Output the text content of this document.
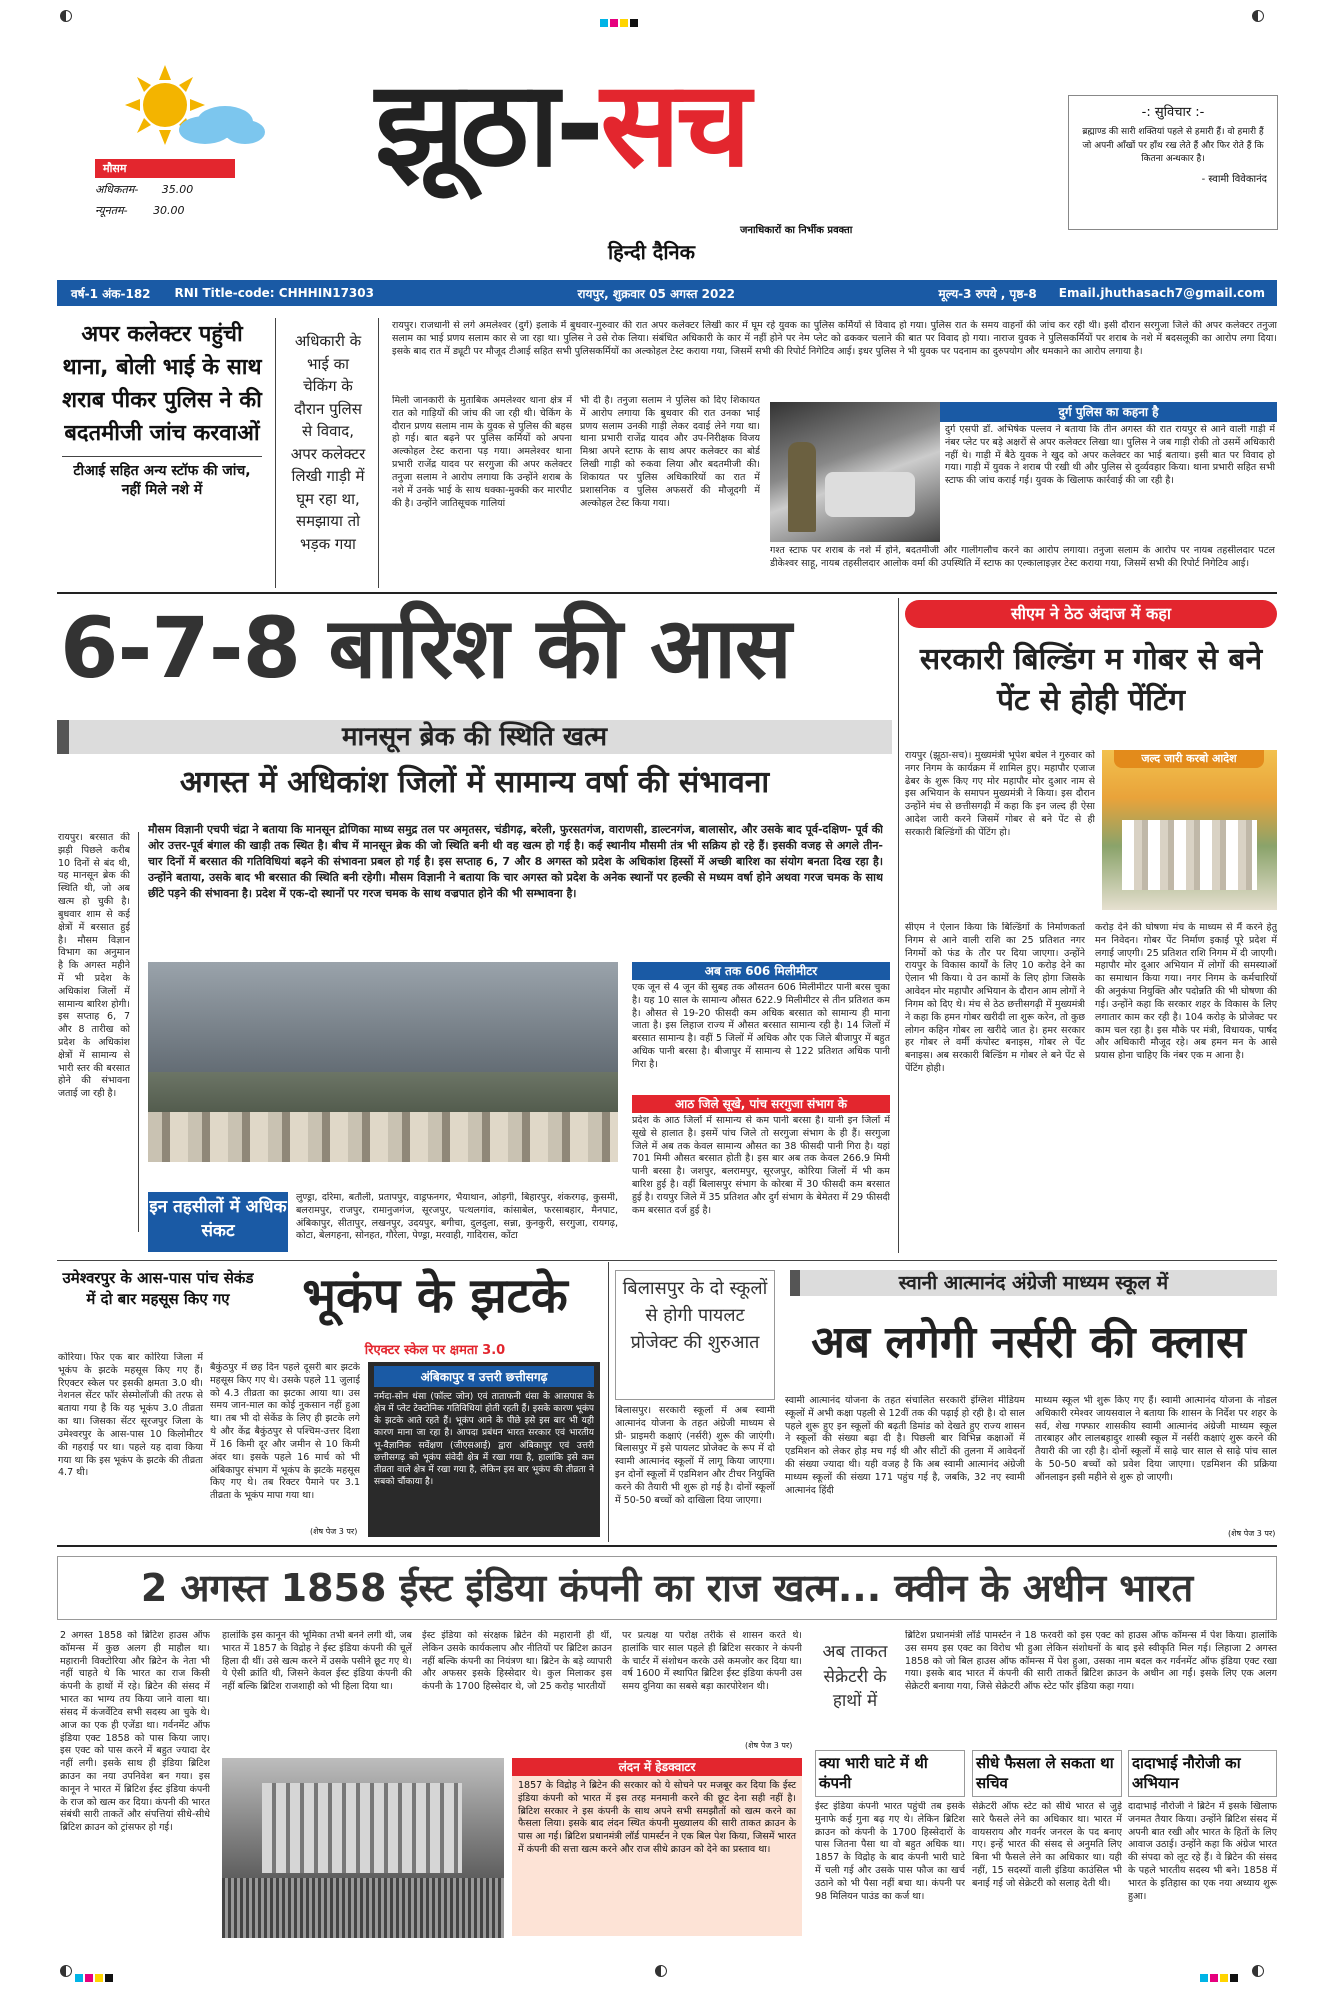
मौसम
अधिकतम- 35.00
न्यूनतम- 30.00
झूठा-सच
हिन्दी दैनिक
जनाधिकारों का निर्भीक प्रवक्ता
-: सुविचार :-
ब्रह्माण्ड की सारी शक्तियां पहले से हमारी हैं। वो हमारी हैं जो अपनी आँखों पर हाँथ रख लेते हैं और फिर रोते हैं कि कितना अन्धकार है।
- स्वामी विवेकानंद
वर्ष-1 अंक-182	RNI Title-code: CHHHIN17303	रायपुर, शुक्रवार 05 अगस्त 2022	मूल्य-3 रुपये , पृष्ठ-8	Email.jhuthasach7@gmail.com
अपर कलेक्टर पहुंची थाना, बोली भाई के साथ शराब पीकर पुलिस ने की बदतमीजी जांच करवाओं
टीआई सहित अन्य स्टॉफ की जांच, नहीं मिले नशे में
अधिकारी के भाई का चेकिंग के दौरान पुलिस से विवाद, अपर कलेक्टर लिखी गाड़ी में घूम रहा था, समझाया तो भड़क गया
रायपुर। राजधानी से लगे अमलेश्वर (दुर्ग) इलाके में बुधवार-गुरुवार की रात अपर कलेक्टर लिखी कार में घूम रहे युवक का पुलिस कर्मियों से विवाद हो गया। पुलिस रात के समय वाहनों की जांच कर रही थी। इसी दौरान सरगुजा जिले की अपर कलेक्टर तनुजा सलाम का भाई प्रणय सलाम कार से जा रहा था। पुलिस ने उसे रोक लिया। संबंधित अधिकारी के कार में नहीं होने पर नेम प्लेट को ढककर चलाने की बात पर विवाद हो गया। नाराज युवक ने पुलिसकर्मियों पर शराब के नशे में बदसलूकी का आरोप लगा दिया। इसके बाद रात में ड्यूटी पर मौजूद टीआई सहित सभी पुलिसकर्मियों का अल्कोहल टेस्ट कराया गया, जिसमें सभी की रिपोर्ट निगेटिव आई। इधर पुलिस ने भी युवक पर पदनाम का दुरुपयोग और धमकाने का आरोप लगाया है।
मिली जानकारी के मुताबिक अमलेश्वर थाना क्षेत्र में रात को गाड़ियों की जांच की जा रही थी। चेकिंग के दौरान प्रणय सलाम नाम के युवक से पुलिस की बहस हो गई। बात बढ़ने पर पुलिस कर्मियों को अपना अल्कोहल टेस्ट कराना पड़ गया। अमलेश्वर थाना प्रभारी राजेंद्र यादव पर सरगुजा की अपर कलेक्टर तनुजा सलाम ने आरोप लगाया कि उन्होंने शराब के नशे में उनके भाई के साथ धक्का-मुक्की कर मारपीट की है। उन्होंने जातिसूचक गालियां
भी दी है। तनुजा सलाम ने पुलिस को दिए शिकायत में आरोप लगाया कि बुधवार की रात उनका भाई प्रणय सलाम उनकी गाड़ी लेकर दवाई लेने गया था। थाना प्रभारी राजेंद्र यादव और उप-निरीक्षक विजय मिश्रा अपने स्टाफ के साथ अपर कलेक्टर का बोर्ड लिखी गाड़ी को रुकवा लिया और बदतमीजी की। शिकायत पर पुलिस अधिकारियों का रात में प्रशासनिक व पुलिस अफसरों की मौजूदगी में अल्कोहल टेस्ट किया गया।
दुर्ग पुलिस का कहना है
दुर्ग एसपी डॉ. अभिषेक पल्लव ने बताया कि तीन अगस्त की रात रायपुर से आने वाली गाड़ी में नंबर प्लेट पर बड़े अक्षरों से अपर कलेक्टर लिखा था। पुलिस ने जब गाड़ी रोकी तो उसमें अधिकारी नहीं थे। गाड़ी में बैठे युवक ने खुद को अपर कलेक्टर का भाई बताया। इसी बात पर विवाद हो गया। गाड़ी में युवक ने शराब पी रखी थी और पुलिस से दुर्व्यवहार किया। थाना प्रभारी सहित सभी स्टाफ की जांच कराई गई। युवक के खिलाफ कार्रवाई की जा रही है।
गश्त स्टाफ पर शराब के नशे में होने, बदतमीजी और गालीगलौच करने का आरोप लगाया। तनुजा सलाम के आरोप पर नायब तहसीलदार पटल डीकेश्वर साहू, नायब तहसीलदार आलोक वर्मा की उपस्थिति में स्टाफ का एल्कालाइज़र टेस्ट कराया गया, जिसमें सभी की रिपोर्ट निगेटिव आई।
6-7-8 बारिश की आस
मानसून ब्रेक की स्थिति खत्म
अगस्त में अधिकांश जिलों में सामान्य वर्षा की संभावना
रायपुर। बरसात की झड़ी पिछले करीब 10 दिनों से बंद थी, यह मानसून ब्रेक की स्थिति थी, जो अब खत्म हो चुकी है। बुधवार शाम से कई क्षेत्रों में बरसात हुई है। मौसम विज्ञान विभाग का अनुमान है कि अगस्त महीने में भी प्रदेश के अधिकांश जिलों में सामान्य बारिश होगी। इस सप्ताह 6, 7 और 8 तारीख को प्रदेश के अधिकांश क्षेत्रों में सामान्य से भारी स्तर की बरसात होने की संभावना जताई जा रही है।
मौसम विज्ञानी एचपी चंद्रा ने बताया कि मानसून द्रोणिका माध्य समुद्र तल पर अमृतसर, चंडीगढ़, बरेली, फुरसतगंज, वाराणसी, डाल्टनगंज, बालासोर, और उसके बाद पूर्व-दक्षिण- पूर्व की ओर उत्तर-पूर्व बंगाल की खाड़ी तक स्थित है। बीच में मानसून ब्रेक की जो स्थिति बनी थी वह खत्म हो गई है। कई स्थानीय मौसमी तंत्र भी सक्रिय हो रहे हैं। इसकी वजह से अगले तीन-चार दिनों में बरसात की गतिविधियां बढ़ने की संभावना प्रबल हो गई है। इस सप्ताह 6, 7 और 8 अगस्त को प्रदेश के अधिकांश हिस्सों में अच्छी बारिश का संयोग बनता दिख रहा है। उन्होंने बताया, उसके बाद भी बरसात की स्थिति बनी रहेगी। मौसम विज्ञानी ने बताया कि चार अगस्त को प्रदेश के अनेक स्थानों पर हल्की से मध्यम वर्षा होने अथवा गरज चमक के साथ छींटे पड़ने की संभावना है। प्रदेश में एक-दो स्थानों पर गरज चमक के साथ वज्रपात होने की भी सम्भावना है।
इन तहसीलों में अधिक संकट
लुण्ड्रा, दरिमा, बतौली, प्रतापपुर, वाड्रफनगर, भैयाथान, ओड़गी, बिहारपुर, शंकरगढ़, कुसमी, बलरामपुर, राजपुर, रामानुजगंज, सूरजपुर, पत्थलगांव, कांसाबेल, फरसाबहार, मैनपाट, अंबिकापुर, सीतापुर, लखनपुर, उदयपुर, बगीचा, दुलदुला, सन्ना, कुनकुरी, सरगुजा, रायगढ़, कोटा, बेलगहना, सोनहत, गौरेला, पेण्ड्रा, मरवाही, गादिरास, कोंटा
अब तक 606 मिलीमीटर
एक जून से 4 जून की सुबह तक औसतन 606 मिलीमीटर पानी बरस चुका है। यह 10 साल के सामान्य औसत 622.9 मिलीमीटर से तीन प्रतिशत कम है। औसत से 19-20 फीसदी कम अधिक बरसात को सामान्य ही माना जाता है। इस लिहाज राज्य में औसत बरसात सामान्य रही है। 14 जिलों में बरसात सामान्य है। वहीं 5 जिलों में अधिक और एक जिले बीजापुर में बहुत अधिक पानी बरसा है। बीजापुर में सामान्य से 122 प्रतिशत अधिक पानी गिरा है।
आठ जिले सूखे, पांच सरगुजा संभाग के
प्रदेश के आठ जिलों में सामान्य से कम पानी बरसा है। यानी इन जिलों में सूखे से हालात है। इसमें पांच जिले तो सरगुजा संभाग के ही हैं। सरगुजा जिले में अब तक केवल सामान्य औसत का 38 फीसदी पानी गिरा है। यहां 701 मिमी औसत बरसात होती है। इस बार अब तक केवल 266.9 मिमी पानी बरसा है। जशपुर, बलरामपुर, सूरजपुर, कोरिया जिलों में भी कम बारिश हुई है। वहीं बिलासपुर संभाग के कोरबा में 30 फीसदी कम बरसात हुई है। रायपुर जिले में 35 प्रतिशत और दुर्ग संभाग के बेमेतरा में 29 फीसदी कम बरसात दर्ज हुई है।
सीएम ने ठेठ अंदाज में कहा
सरकारी बिल्डिंग म गोबर से बने पेंट से होही पेंटिंग
रायपुर (झूठा-सच)। मुख्यमंत्री भूपेश बघेल ने गुरुवार को नगर निगम के कार्यक्रम में शामिल हुए। महापौर एजाज ढेबर के शुरू किए गए मोर महापौर मोर दुआर नाम से इस अभियान के समापन मुख्यमंत्री ने किया। इस दौरान उन्होंने मंच से छत्तीसगढ़ी में कहा कि इन जल्द ही ऐसा आदेश जारी करने जिसमें गोबर से बने पेंट से ही सरकारी बिल्डिंगों की पेंटिंग हो।
जल्द जारी करबो आदेश
सीएम ने ऐलान किया कि बिल्डिंगों के निर्माणकर्ता निगम से आने वाली राशि का 25 प्रतिशत नगर निगमों को फंड के तौर पर दिया जाएगा। उन्होंने रायपुर के विकास कार्यों के लिए 10 करोड़ देने का ऐलान भी किया। ये उन कामों के लिए होगा जिसके आवेदन मोर महापौर अभियान के दौरान आम लोगों ने निगम को दिए थे। मंच से ठेठ छत्तीसगढ़ी में मुख्यमंत्री ने कहा कि हमन गोबर खरीदी ला शुरू करेन, तो कुछ लोगन कहिन गोबर ला खरीदे जात हे। हमर सरकार हर गोबर ले वर्मी कंपोस्ट बनाइस, गोबर ले पेंट बनाइस। अब सरकारी बिल्डिंग म गोबर ले बने पेंट से पेंटिंग होही।
करोड़ देने की घोषणा मंच के माध्यम से मैं करने हेतु मन निवेदन। गोबर पेंट निर्माण इकाई पूरे प्रदेश में लगाई जाएगी। 25 प्रतिशत राशि निगम में दी जाएगी। महापौर मोर दुआर अभियान में लोगों की समस्याओं का समाधान किया गया। नगर निगम के कर्मचारियों की अनुकंपा नियुक्ति और पदोन्नति की भी घोषणा की गई। उन्होंने कहा कि सरकार शहर के विकास के लिए लगातार काम कर रही है। 104 करोड़ के प्रोजेक्ट पर काम चल रहा है। इस मौके पर मंत्री, विधायक, पार्षद और अधिकारी मौजूद रहे। अब हमन मन के आसे प्रयास होना चाहिए कि नंबर एक म आना है।
उमेश्वरपुर के आस-पास पांच सेकंड में दो बार महसूस किए गए	भूकंप के झटके
रिएक्टर स्केल पर क्षमता 3.0
कोरिया। फिर एक बार कोरिया जिला में भूकंप के झटके महसूस किए गए हैं। रिएक्टर स्केल पर इसकी क्षमता 3.0 थी। नेशनल सेंटर फॉर सेस्मोलॉजी की तरफ से बताया गया है कि यह भूकंप 3.0 तीव्रता का था। जिसका सेंटर सूरजपुर जिला के उमेश्वरपुर के आस-पास 10 किलोमीटर की गहराई पर था। पहले यह दावा किया गया था कि इस भूकंप के झटके की तीव्रता 4.7 थी।
बैकुंठपुर में छह दिन पहले दूसरी बार झटके महसूस किए गए थे। उसके पहले 11 जुलाई को 4.3 तीव्रता का झटका आया था। उस समय जान-माल का कोई नुकसान नहीं हुआ था। तब भी दो सेकेंड के लिए ही झटके लगे थे और केंद्र बैकुंठपुर से पश्चिम-उत्तर दिशा में 16 किमी दूर और जमीन से 10 किमी अंदर था। इसके पहले 16 मार्च को भी अंबिकापुर संभाग में भूकंप के झटके महसूस किए गए थे। तब रिक्टर पैमाने पर 3.1 तीव्रता के भूकंप मापा गया था।
(शेष पेज 3 पर)
अंबिकापुर व उत्तरी छत्तीसगढ़
नर्मदा-सोन धंसा (फॉल्ट जोन) एवं ताताफनी धंसा के आसपास के क्षेत्र में प्लेट टेक्टोनिक गतिविधियां होती रहती हैं। इसके कारण भूकंप के झटके आते रहते हैं। भूकंप आने के पीछे इसे इस बार भी यही कारण माना जा रहा है। आपदा प्रबंधन भारत सरकार एवं भारतीय भू-वैज्ञानिक सर्वेक्षण (जीएसआई) द्वारा अंबिकापुर एवं उत्तरी छत्तीसगढ़ को भूकंप संवेदी क्षेत्र में रखा गया है, हालांकि इसे कम तीव्रता वाले क्षेत्र में रखा गया है, लेकिन इस बार भूकंप की तीव्रता ने सबको चौंकाया है।
बिलासपुर के दो स्कूलों से होगी पायलट प्रोजेक्ट की शुरुआत
स्वानी आत्मानंद अंग्रेजी माध्यम स्कूल में
अब लगेगी नर्सरी की क्लास
बिलासपुर। सरकारी स्कूलों में अब स्वामी आत्मानंद योजना के तहत अंग्रेजी माध्यम से प्री- प्राइमरी कक्षाएं (नर्सरी) शुरू की जाएंगी। बिलासपुर में इसे पायलट प्रोजेक्ट के रूप में दो स्वामी आत्मानंद स्कूलों में लागू किया जाएगा। इन दोनों स्कूलों में एडमिशन और टीचर नियुक्ति करने की तैयारी भी शुरू हो गई है। दोनों स्कूलों में 50-50 बच्चों को दाखिला दिया जाएगा।
स्वामी आत्मानंद योजना के तहत संचालित सरकारी इंग्लिश मीडियम स्कूलों में अभी कक्षा पहली से 12वीं तक की पढ़ाई हो रही है। दो साल पहले शुरू हुए इन स्कूलों की बढ़ती डिमांड को देखते हुए राज्य शासन ने स्कूलों की संख्या बढ़ा दी है। पिछली बार विभिन्न कक्षाओं में एडमिशन को लेकर होड़ मच गई थी और सीटों की तुलना में आवेदनों की संख्या ज्यादा थी। यही वजह है कि अब स्वामी आत्मानंद अंग्रेजी माध्यम स्कूलों की संख्या 171 पहुंच गई है, जबकि, 32 नए स्वामी आत्मानंद हिंदी
माध्यम स्कूल भी शुरू किए गए हैं। स्वामी आत्मानंद योजना के नोडल अधिकारी रमेश्वर जायसवाल ने बताया कि शासन के निर्देश पर शहर के सर्व, शेख गफ्फार शासकीय स्वामी आत्मानंद अंग्रेजी माध्यम स्कूल तारबाहर और लालबहादुर शास्त्री स्कूल में नर्सरी कक्षाएं शुरू करने की तैयारी की जा रही है। दोनों स्कूलों में साढ़े चार साल से साढ़े पांच साल के 50-50 बच्चों को प्रवेश दिया जाएगा। एडमिशन की प्रक्रिया ऑनलाइन इसी महीने से शुरू हो जाएगी।
(शेष पेज 3 पर)
2 अगस्त 1858 ईस्ट इंडिया कंपनी का राज खत्म... क्वीन के अधीन भारत
2 अगस्त 1858 को ब्रिटिश हाउस ऑफ कॉमन्स में कुछ अलग ही माहौल था। महारानी विक्टोरिया और ब्रिटेन के नेता भी नहीं चाहते थे कि भारत का राज किसी कंपनी के हाथों में रहे। ब्रिटेन की संसद में भारत का भाग्य तय किया जाने वाला था। संसद में कंजर्वेटिव सभी सदस्य आ चुके थे। आज का एक ही एजेंडा था। गर्वनमेंट ऑफ इंडिया एक्ट 1858 को पास किया जाए। इस एक्ट को पास करने में बहुत ज्यादा देर नहीं लगी। इसके साथ ही इंडिया ब्रिटिश क्राउन का नया उपनिवेश बन गया। इस कानून ने भारत में ब्रिटिश ईस्ट इंडिया कंपनी के राज को खत्म कर दिया। कंपनी की भारत संबंधी सारी ताकतें और संपत्तियां सीधे-सीधे ब्रिटिश क्राउन को ट्रांसफर हो गई।
हालांकि इस कानून की भूमिका तभी बनने लगी थी, जब भारत में 1857 के विद्रोह ने ईस्ट इंडिया कंपनी की चूलें हिला दी थीं। उसे खत्म करने में उसके पसीने छूट गए थे। ये ऐसी क्रांति थी, जिसने केवल ईस्ट इंडिया कंपनी की नहीं बल्कि ब्रिटिश राजशाही को भी हिला दिया था।
ईस्ट इंडिया को संरक्षक ब्रिटेन की महारानी ही थीं, लेकिन उसके कार्यकलाप और नीतियों पर ब्रिटिश क्राउन नहीं बल्कि कंपनी का नियंत्रण था। ब्रिटेन के बड़े व्यापारी और अफसर इसके हिस्सेदार थे। कुल मिलाकर इस कंपनी के 1700 हिस्सेदार थे, जो 25 करोड़ भारतीयों
पर प्रत्यक्ष या परोक्ष तरीके से शासन करते थे। हालांकि चार साल पहले ही ब्रिटिश सरकार ने कंपनी के चार्टर में संशोधन करके उसे कमजोर कर दिया था। वर्ष 1600 में स्थापित ब्रिटिश ईस्ट इंडिया कंपनी उस समय दुनिया का सबसे बड़ा कारपोरेशन थी।
(शेष पेज 3 पर)
लंदन में हेडक्वाटर
1857 के विद्रोह ने ब्रिटेन की सरकार को ये सोचने पर मजबूर कर दिया कि ईस्ट इंडिया कंपनी को भारत में इस तरह मनमानी करने की छूट देना सही नहीं है। ब्रिटिश सरकार ने इस कंपनी के साथ अपने सभी समझौतों को खत्म करने का फैसला लिया। इसके बाद लंदन स्थित कंपनी मुख्यालय की सारी ताकत क्राउन के पास आ गई। ब्रिटिश प्रधानमंत्री लॉर्ड पामर्स्टन ने एक बिल पेश किया, जिसमें भारत में कंपनी की सत्ता खत्म करने और राज सीधे क्राउन को देने का प्रस्ताव था।
अब ताकत सेक्रेटरी के हाथों में
ब्रिटिश प्रधानमंत्री लॉर्ड पामर्स्टन ने 18 फरवरी को इस एक्ट को हाउस ऑफ कॉमन्स में पेश किया। हालांकि उस समय इस एक्ट का विरोध भी हुआ लेकिन संशोधनों के बाद इसे स्वीकृति मिल गई। लिहाजा 2 अगस्त 1858 को जो बिल हाउस ऑफ कॉमन्स में पेश हुआ, उसका नाम बदल कर गर्वनमेंट ऑफ इंडिया एक्ट रखा गया। इसके बाद भारत में कंपनी की सारी ताकतें ब्रिटिश क्राउन के अधीन आ गईं। इसके लिए एक अलग सेक्रेटरी बनाया गया, जिसे सेक्रेटरी ऑफ स्टेट फॉर इंडिया कहा गया।
क्या भारी घाटे में थी कंपनी
ईस्ट इंडिया कंपनी भारत पहुंची तब इसके मुनाफे कई गुना बढ़ गए थे। लेकिन ब्रिटिश क्राउन को कंपनी के 1700 हिस्सेदारों के पास जितना पैसा था वो बहुत अधिक था। 1857 के विद्रोह के बाद कंपनी भारी घाटे में चली गई और उसके पास फौज का खर्च उठाने को भी पैसा नहीं बचा था। कंपनी पर 98 मिलियन पाउंड का कर्ज था।
सीधे फैसला ले सकता था सचिव
सेक्रेटरी ऑफ स्टेट को सीधे भारत से जुड़े सारे फैसले लेने का अधिकार था। भारत में वायसराय और गवर्नर जनरल के पद बनाए गए। इन्हें भारत की संसद से अनुमति लिए बिना भी फैसले लेने का अधिकार था। यही नहीं, 15 सदस्यों वाली इंडिया काउंसिल भी बनाई गई जो सेक्रेटरी को सलाह देती थी।
दादाभाई नौरोजी का अभियान
दादाभाई नौरोजी ने ब्रिटेन में इसके खिलाफ जनमत तैयार किया। उन्होंने ब्रिटिश संसद में अपनी बात रखी और भारत के हितों के लिए आवाज उठाई। उन्होंने कहा कि अंग्रेज भारत की संपदा को लूट रहे हैं। वे ब्रिटेन की संसद के पहले भारतीय सदस्य भी बने। 1858 में भारत के इतिहास का एक नया अध्याय शुरू हुआ।
